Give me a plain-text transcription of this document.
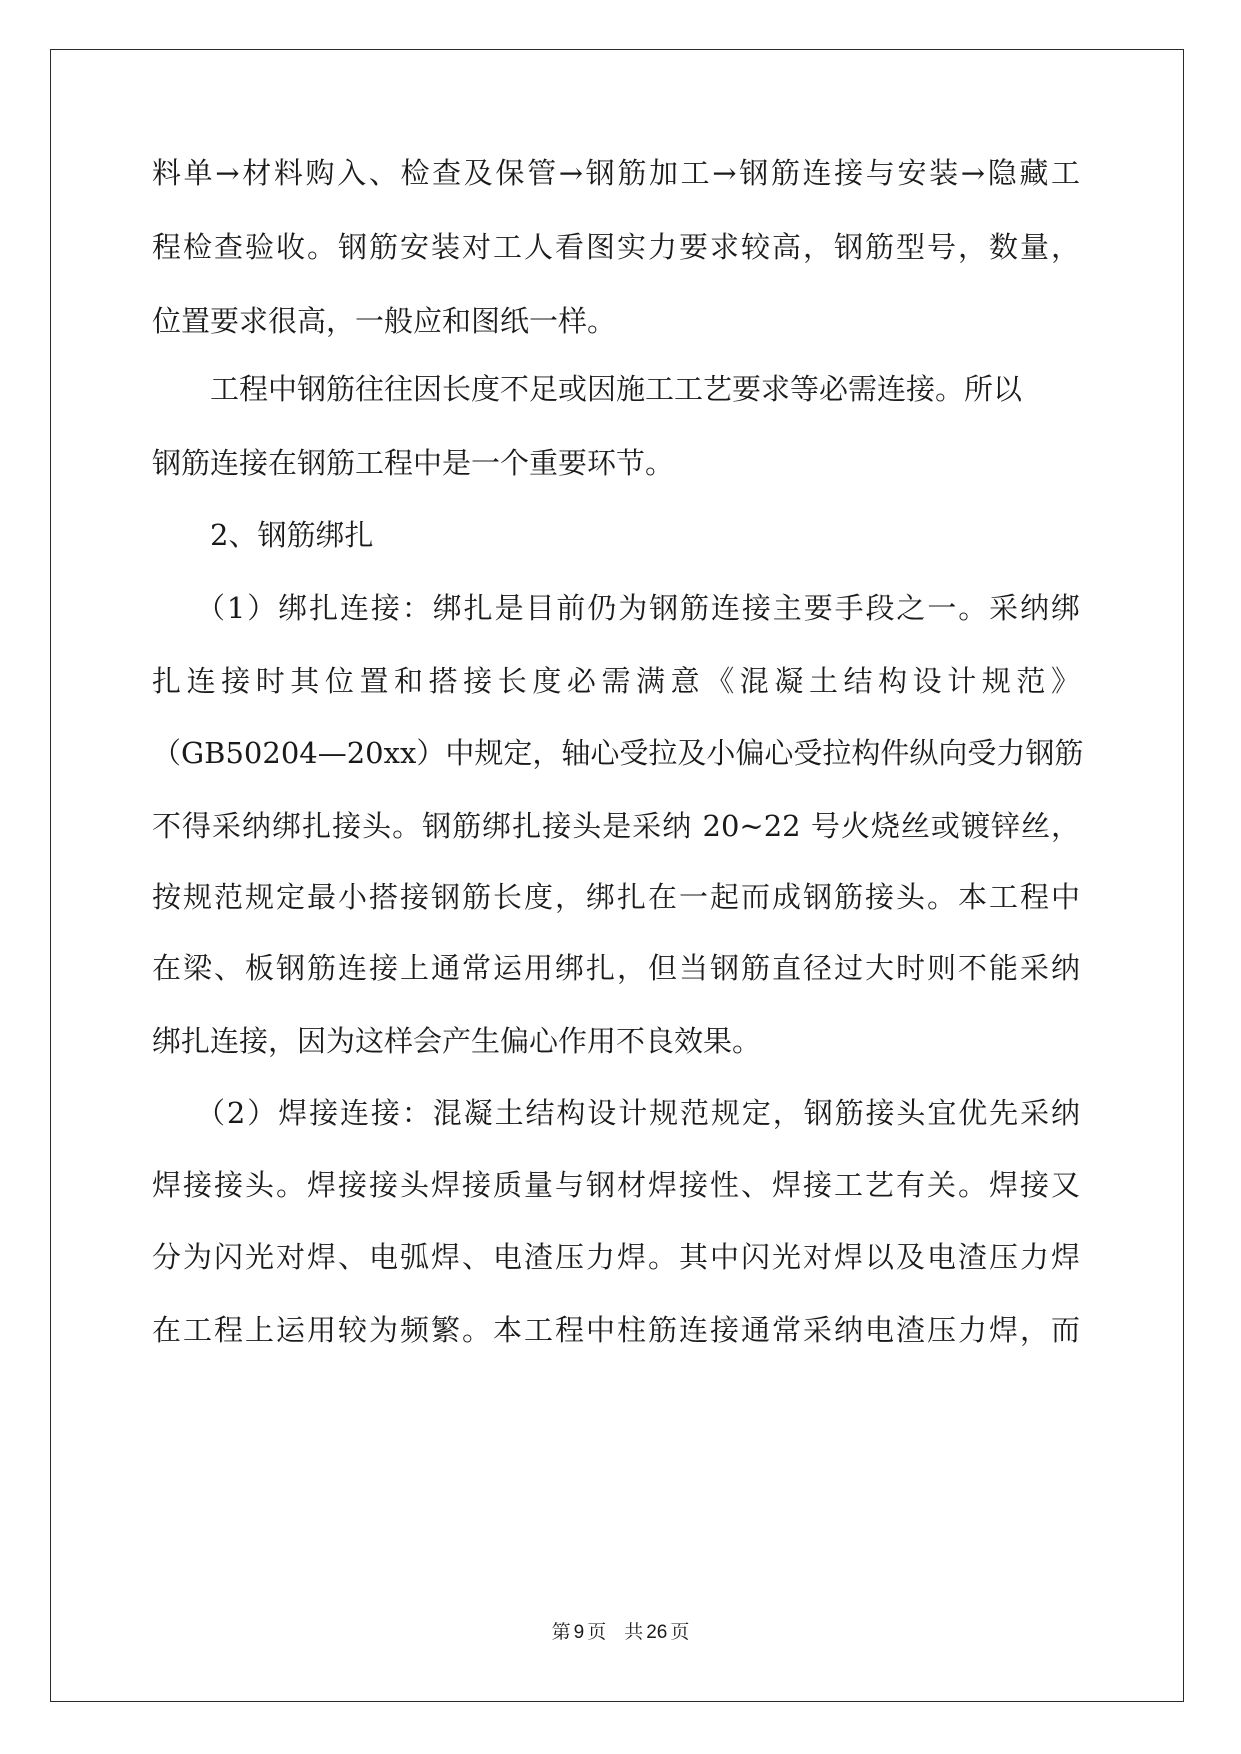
料单→材料购入、检查及保管→钢筋加工→钢筋连接与安装→隐藏工
程检查验收。钢筋安装对工人看图实力要求较高，钢筋型号，数量，
位置要求很高，一般应和图纸一样。
工程中钢筋往往因长度不足或因施工工艺要求等必需连接。所以
钢筋连接在钢筋工程中是一个重要环节。
2、钢筋绑扎
（1）绑扎连接：绑扎是目前仍为钢筋连接主要手段之一。采纳绑
扎连接时其位置和搭接长度必需满意《混凝土结构设计规范》
（GB50204—20xx）中规定，轴心受拉及小偏心受拉构件纵向受力钢筋
不得采纳绑扎接头。钢筋绑扎接头是采纳 20~22 号火烧丝或镀锌丝，
按规范规定最小搭接钢筋长度，绑扎在一起而成钢筋接头。本工程中
在梁、板钢筋连接上通常运用绑扎，但当钢筋直径过大时则不能采纳
绑扎连接，因为这样会产生偏心作用不良效果。
（2）焊接连接：混凝土结构设计规范规定，钢筋接头宜优先采纳
焊接接头。焊接接头焊接质量与钢材焊接性、焊接工艺有关。焊接又
分为闪光对焊、电弧焊、电渣压力焊。其中闪光对焊以及电渣压力焊
在工程上运用较为频繁。本工程中柱筋连接通常采纳电渣压力焊，而
第 9 页 共 26 页
